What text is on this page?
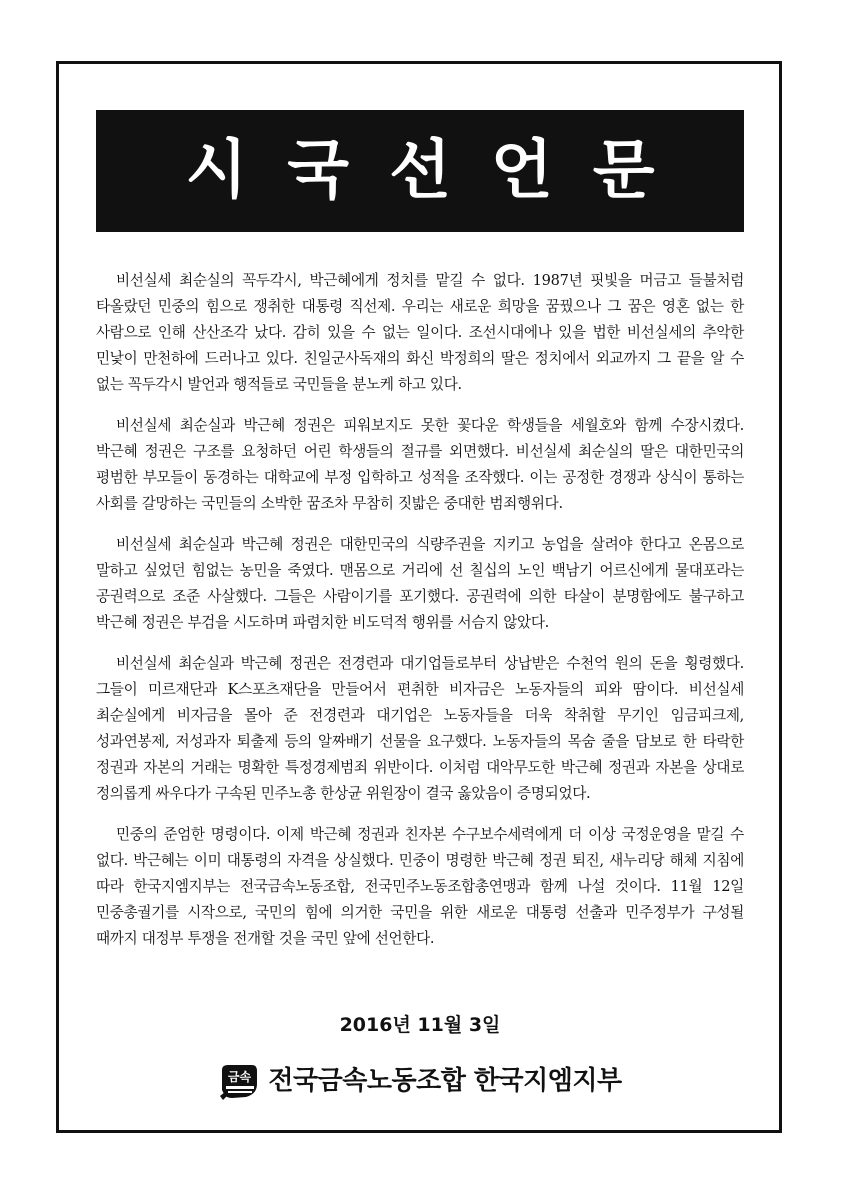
시국선언문

비선실세 최순실의 꼭두각시, 박근혜에게 정치를 맡길 수 없다. 1987년 핏빛을 머금고 들불처럼 타올랐던 민중의 힘으로 쟁취한 대통령 직선제. 우리는 새로운 희망을 꿈꿨으나 그 꿈은 영혼 없는 한 사람으로 인해 산산조각 났다. 감히 있을 수 없는 일이다. 조선시대에나 있을 법한 비선실세의 추악한 민낯이 만천하에 드러나고 있다. 친일군사독재의 화신 박정희의 딸은 정치에서 외교까지 그 끝을 알 수 없는 꼭두각시 발언과 행적들로 국민들을 분노케 하고 있다.

비선실세 최순실과 박근혜 정권은 피워보지도 못한 꽃다운 학생들을 세월호와 함께 수장시켰다. 박근혜 정권은 구조를 요청하던 어린 학생들의 절규를 외면했다. 비선실세 최순실의 딸은 대한민국의 평범한 부모들이 동경하는 대학교에 부정 입학하고 성적을 조작했다. 이는 공정한 경쟁과 상식이 통하는 사회를 갈망하는 국민들의 소박한 꿈조차 무참히 짓밟은 중대한 범죄행위다.

비선실세 최순실과 박근혜 정권은 대한민국의 식량주권을 지키고 농업을 살려야 한다고 온몸으로 말하고 싶었던 힘없는 농민을 죽였다. 맨몸으로 거리에 선 칠십의 노인 백남기 어르신에게 물대포라는 공권력으로 조준 사살했다. 그들은 사람이기를 포기했다. 공권력에 의한 타살이 분명함에도 불구하고 박근혜 정권은 부검을 시도하며 파렴치한 비도덕적 행위를 서슴지 않았다.

비선실세 최순실과 박근혜 정권은 전경련과 대기업들로부터 상납받은 수천억 원의 돈을 횡령했다. 그들이 미르재단과 K스포츠재단을 만들어서 편취한 비자금은 노동자들의 피와 땀이다. 비선실세 최순실에게 비자금을 몰아 준 전경련과 대기업은 노동자들을 더욱 착취할 무기인 임금피크제, 성과연봉제, 저성과자 퇴출제 등의 알짜배기 선물을 요구했다. 노동자들의 목숨 줄을 담보로 한 타락한 정권과 자본의 거래는 명확한 특정경제범죄 위반이다. 이처럼 대악무도한 박근혜 정권과 자본을 상대로 정의롭게 싸우다가 구속된 민주노총 한상균 위원장이 결국 옳았음이 증명되었다.

민중의 준엄한 명령이다. 이제 박근혜 정권과 친자본 수구보수세력에게 더 이상 국정운영을 맡길 수 없다. 박근혜는 이미 대통령의 자격을 상실했다. 민중이 명령한 박근혜 정권 퇴진, 새누리당 해체 지침에 따라 한국지엠지부는 전국금속노동조합, 전국민주노동조합총연맹과 함께 나설 것이다. 11월 12일 민중총궐기를 시작으로, 국민의 힘에 의거한 국민을 위한 새로운 대통령 선출과 민주정부가 구성될 때까지 대정부 투쟁을 전개할 것을 국민 앞에 선언한다.

2016년 11월 3일
금속 전국금속노동조합 한국지엠지부
